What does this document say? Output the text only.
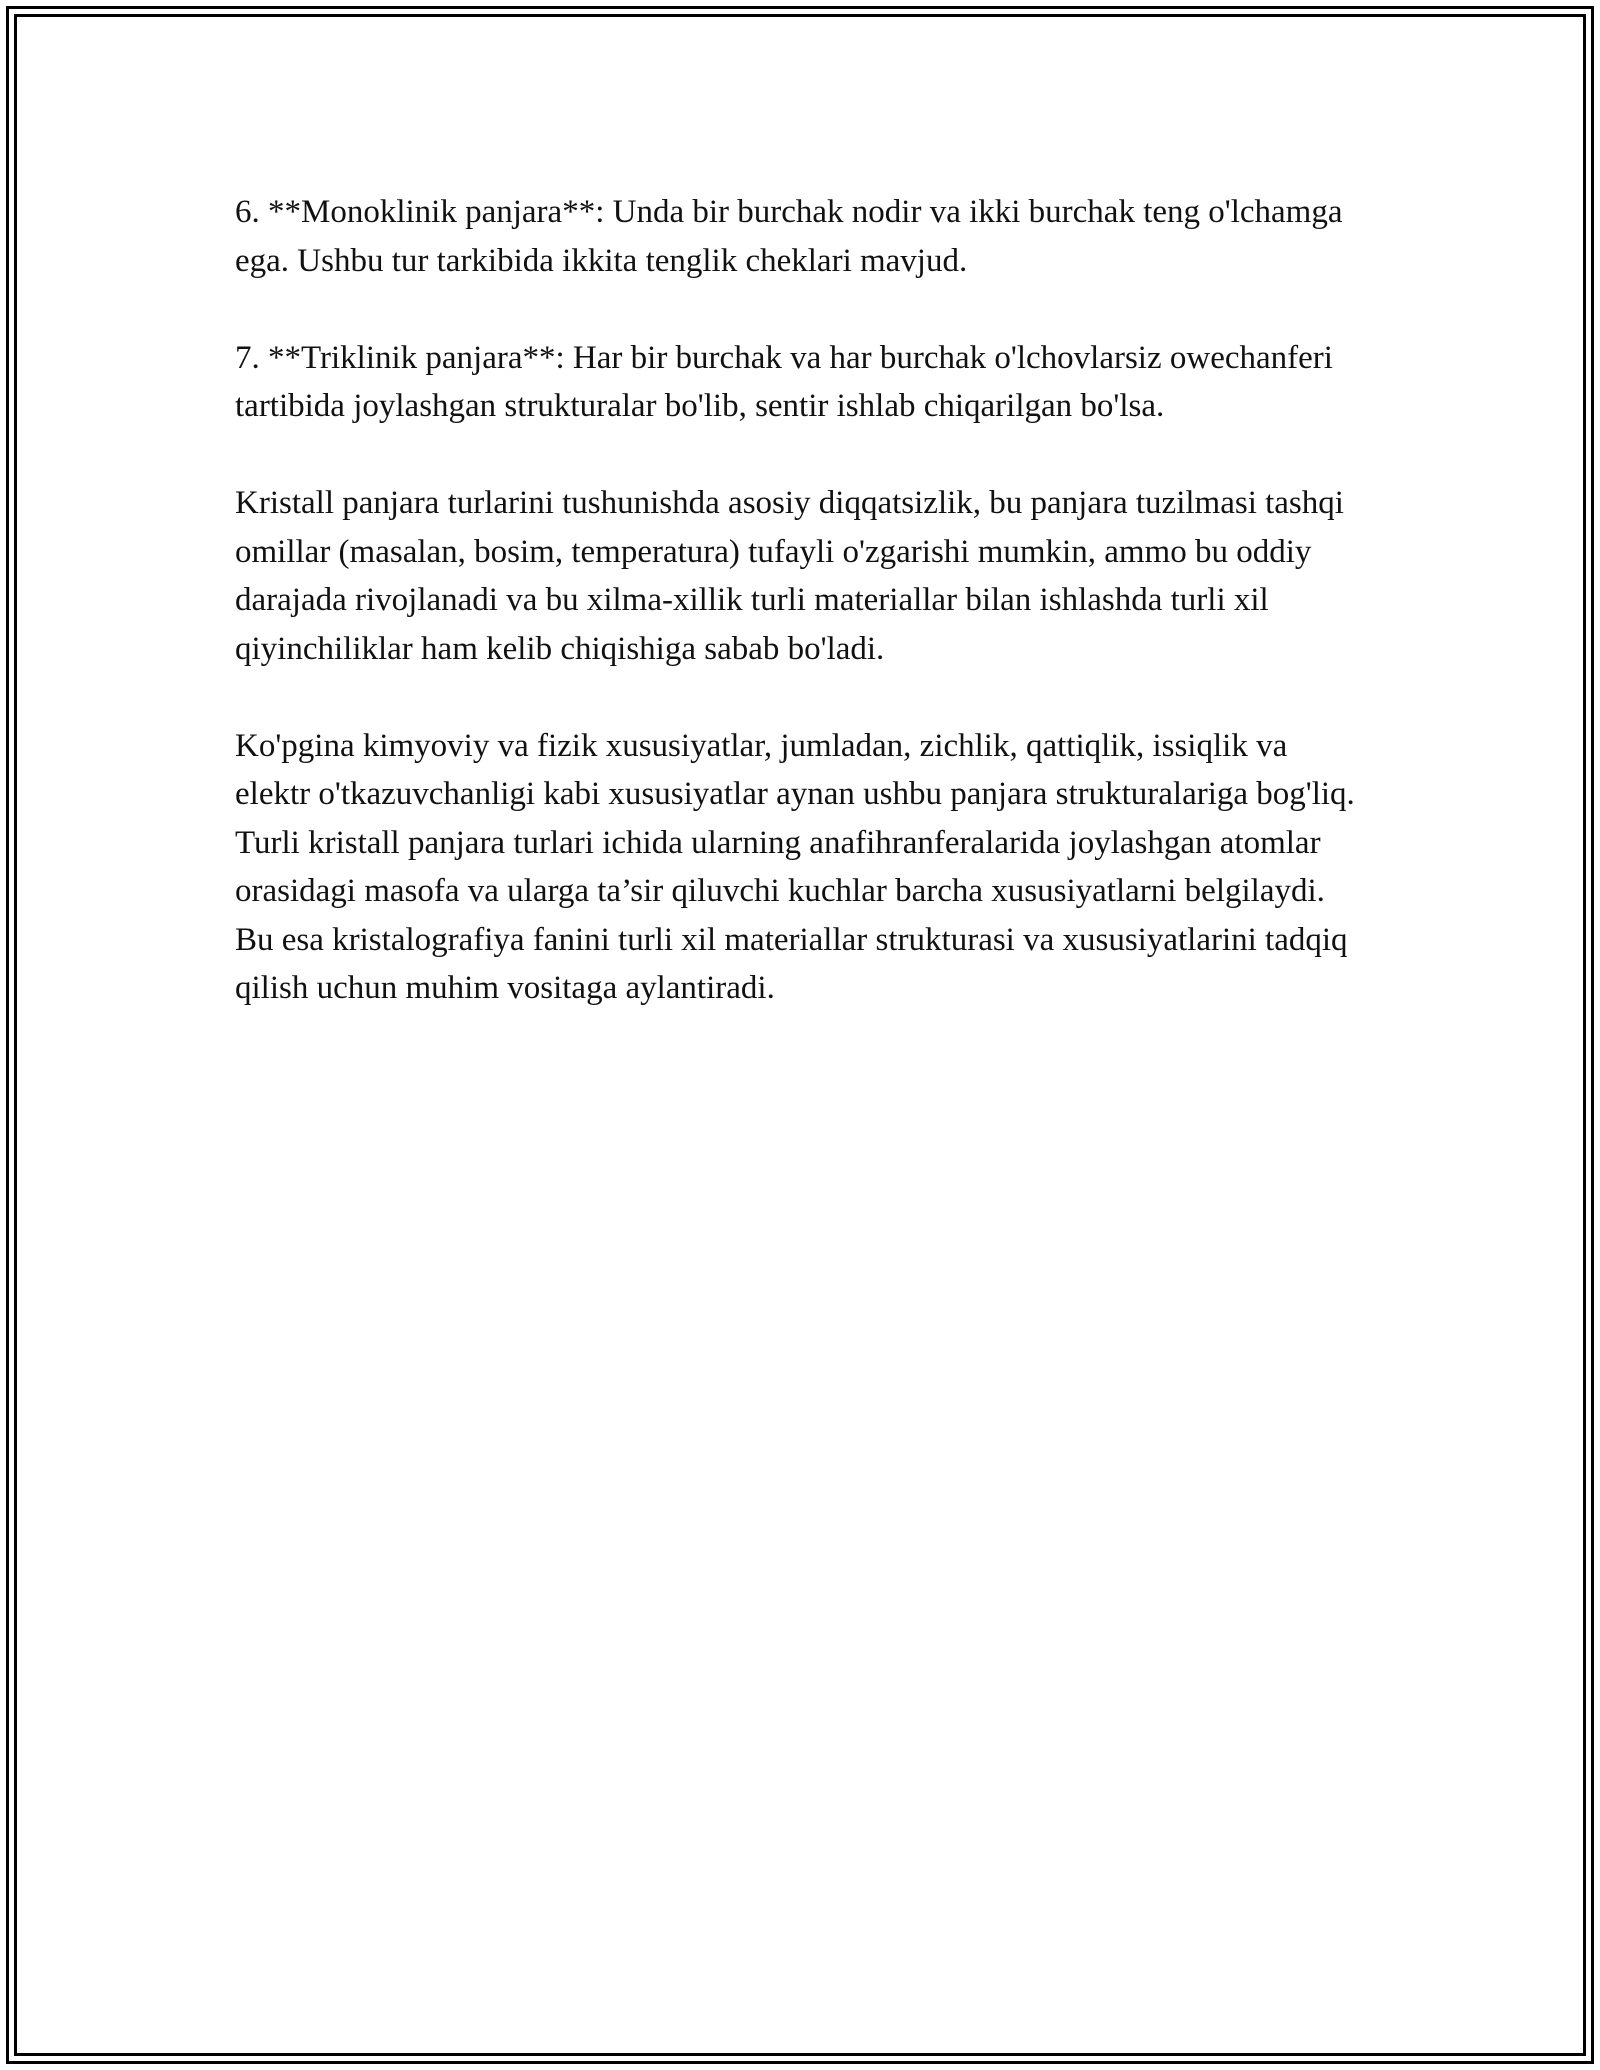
6. **Monoklinik panjara**: Unda bir burchak nodir va ikki burchak teng o'lchamga ega. Ushbu tur tarkibida ikkita tenglik cheklari mavjud.

7. **Triklinik panjara**: Har bir burchak va har burchak o'lchovlarsiz owechanferi tartibida joylashgan strukturalar bo'lib, sentir ishlab chiqarilgan bo'lsa.

Kristall panjara turlarini tushunishda asosiy diqqatsizlik, bu panjara tuzilmasi tashqi omillar (masalan, bosim, temperatura) tufayli o'zgarishi mumkin, ammo bu oddiy darajada rivojlanadi va bu xilma-xillik turli materiallar bilan ishlashda turli xil qiyinchiliklar ham kelib chiqishiga sabab bo'ladi.

Ko'pgina kimyoviy va fizik xususiyatlar, jumladan, zichlik, qattiqlik, issiqlik va elektr o'tkazuvchanligi kabi xususiyatlar aynan ushbu panjara strukturalariga bog'liq. Turli kristall panjara turlari ichida ularning anafihranferalarida joylashgan atomlar orasidagi masofa va ularga ta’sir qiluvchi kuchlar barcha xususiyatlarni belgilaydi. Bu esa kristalografiya fanini turli xil materiallar strukturasi va xususiyatlarini tadqiq qilish uchun muhim vositaga aylantiradi.
